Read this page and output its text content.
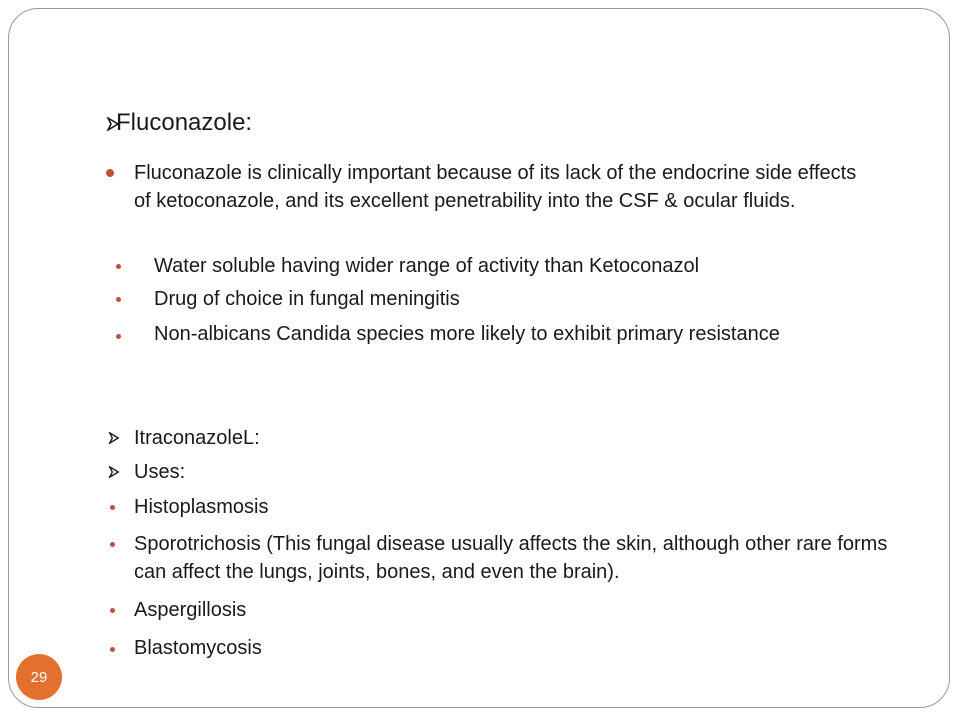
Fluconazole:
Fluconazole is clinically important because of its lack of the endocrine side effects of ketoconazole, and its excellent penetrability into the CSF & ocular fluids.
Water soluble having wider range of activity than Ketoconazol
Drug of choice in fungal meningitis
Non-albicans Candida species more likely to exhibit primary resistance
ItraconazoleL:
Uses:
Histoplasmosis
Sporotrichosis (This fungal disease usually affects the skin, although other rare forms can affect the lungs, joints, bones, and even the brain).
Aspergillosis
Blastomycosis
29
